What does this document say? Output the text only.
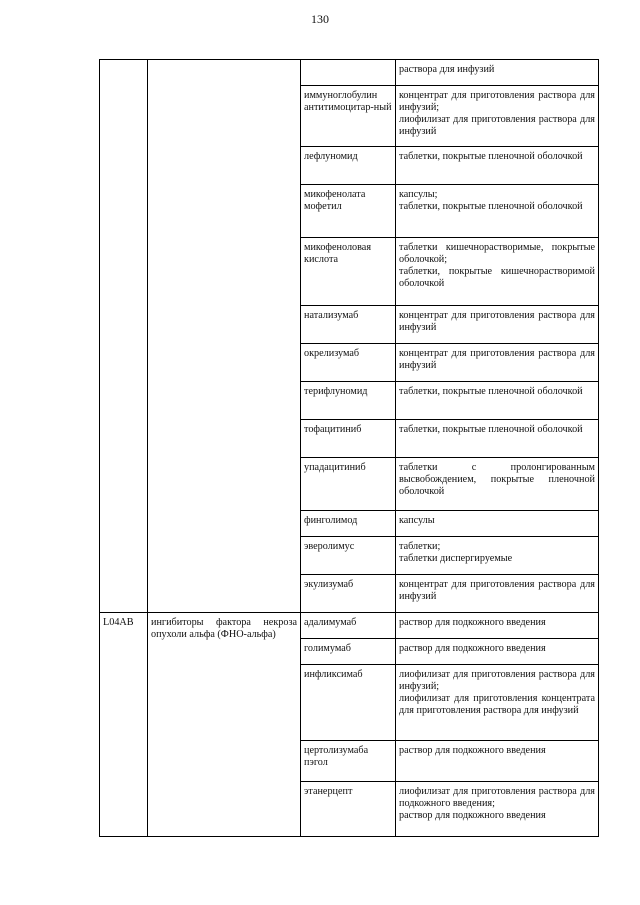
130

			раствора для инфузий

		иммуноглобулин антитимоцитар-ный	концентрат для приготовления раствора для инфузий;
лиофилизат для приготовления раствора для инфузий

		лефлуномид	таблетки, покрытые пленочной оболочкой

		микофенолата мофетил	капсулы;
таблетки, покрытые пленочной оболочкой

		микофеноловая кислота	таблетки кишечнорастворимые, покрытые оболочкой;
таблетки, покрытые кишечнорастворимой оболочкой

		натализумаб	концентрат для приготовления раствора для инфузий

		окрелизумаб	концентрат для приготовления раствора для инфузий

		терифлуномид	таблетки, покрытые пленочной оболочкой

		тофацитиниб	таблетки, покрытые пленочной оболочкой

		упадацитиниб	таблетки с пролонгированным высвобождением, покрытые пленочной оболочкой

		финголимод	капсулы

		эверолимус	таблетки;
таблетки диспергируемые

		экулизумаб	концентрат для приготовления раствора для инфузий

L04AB	ингибиторы фактора некроза опухоли альфа (ФНО-альфа)	адалимумаб	раствор для подкожного введения

		голимумаб	раствор для подкожного введения

		инфликсимаб	лиофилизат для приготовления раствора для инфузий;
лиофилизат для приготовления концентрата для приготовления раствора для инфузий

		цертолизумаба пэгол	раствор для подкожного введения

		этанерцепт	лиофилизат для приготовления раствора для подкожного введения;
раствор для подкожного введения
